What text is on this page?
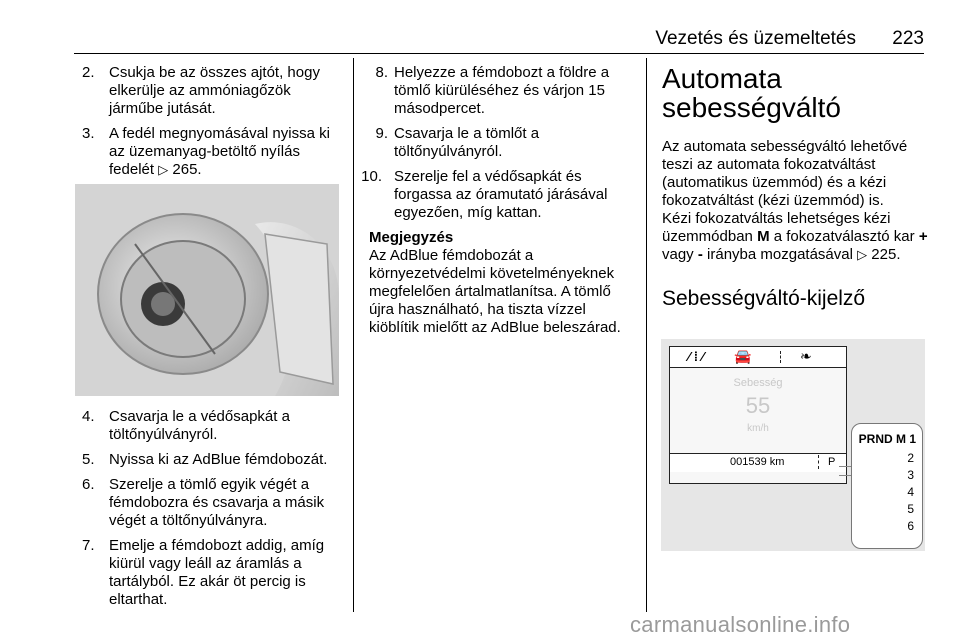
Vezetés és üzemeltetés 223
2. Csukja be az összes ajtót, hogy elkerülje az ammóniagőzök járműbe jutását.

3. A fedél megnyomásával nyissa ki az üzemanyag-betöltő nyílás fedelét ▷ 265.

4. Csavarja le a védősapkát a töltőnyúlványról.

5. Nyissa ki az AdBlue fémdobozát.

6. Szerelje a tömlő egyik végét a fémdobozra és csavarja a másik végét a töltőnyúlványra.

7. Emelje a fémdobozt addig, amíg kiürül vagy leáll az áramlás a tartályból. Ez akár öt percig is eltarthat.

8. Helyezze a fémdobozt a földre a tömlő kiürüléséhez és várjon 15 másodpercet.

9. Csavarja le a tömlőt a töltőnyúlványról.

10. Szerelje fel a védősapkát és forgassa az óramutató járásával egyezően, míg kattan.

Megjegyzés

Az AdBlue fémdobozát a környezetvédelmi követelményeknek megfelelően ártalmatlanítsa. A tömlő újra használható, ha tiszta vízzel kiöblítik mielőtt az AdBlue beleszárad.

Automata sebességváltó

Az automata sebességváltó lehetővé teszi az automata fokozatváltást (automatikus üzemmód) és a kézi fokozatváltást (kézi üzemmód) is.

Kézi fokozatváltás lehetséges kézi üzemmódban M a fokozatválasztó kar + vagy - irányba mozgatásával ▷ 225.

Sebességváltó-kijelző
⁄ ⁞ ⁄ 🚘	❧
Sebesség
55
km/h
001539 km	P
PRND M 1
2
3
4
5
6
carmanualsonline.info
